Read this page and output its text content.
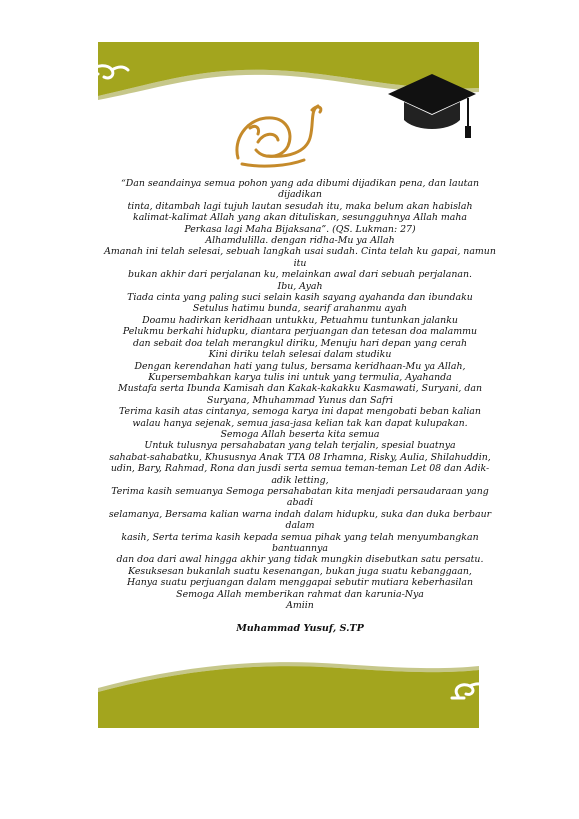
“Dan seandainya semua pohon yang ada dibumi dijadikan pena, dan lautan dijadikan

tinta, ditambah lagi tujuh lautan sesudah itu, maka belum akan habislah

kalimat-kalimat Allah yang akan dituliskan, sesungguhnya Allah maha

Perkasa lagi Maha Bijaksana”. (QS. Lukman: 27)

Alhamdulilla. dengan ridha-Mu ya Allah

Amanah ini telah selesai, sebuah langkah usai sudah. Cinta telah ku gapai, namun itu

bukan akhir dari perjalanan ku, melainkan awal dari sebuah perjalanan.

Ibu, Ayah

Tiada cinta yang paling suci selain kasih sayang ayahanda dan ibundaku

Setulus hatimu bunda, searif arahanmu ayah

Doamu hadirkan keridhaan untukku, Petuahmu tuntunkan jalanku

Pelukmu berkahi hidupku, diantara perjuangan dan tetesan doa malammu

dan sebait doa telah merangkul diriku, Menuju hari depan yang cerah

Kini diriku telah selesai dalam studiku

Dengan kerendahan hati yang tulus, bersama keridhaan-Mu ya Allah,

Kupersembahkan karya tulis ini untuk yang termulia, Ayahanda

Mustafa serta Ibunda Kamisah dan Kakak-kakakku Kasmawati, Suryani, dan

Suryana, Mhuhammad Yunus dan Safri

Terima kasih atas cintanya, semoga karya ini dapat mengobati beban kalian

walau hanya sejenak, semua jasa-jasa kelian tak kan dapat kulupakan.

Semoga Allah beserta kita semua

Untuk tulusnya persahabatan yang telah terjalin, spesial buatnya

sahabat-sahabatku, Khususnya Anak TTA 08 Irhamna, Risky, Aulia, Shilahuddin,

udin, Bary, Rahmad, Rona dan jusdi serta semua teman-teman Let 08 dan Adik-adik letting,

Terima kasih semuanya Semoga persahabatan kita menjadi persaudaraan yang abadi

selamanya, Bersama kalian warna indah dalam hidupku, suka dan duka berbaur dalam

kasih, Serta terima kasih kepada semua pihak yang telah menyumbangkan bantuannya

dan doa dari awal hingga akhir yang tidak mungkin disebutkan satu persatu.

Kesuksesan bukanlah suatu kesenangan, bukan juga suatu kebanggaan,

Hanya suatu perjuangan dalam menggapai sebutir mutiara keberhasilan

Semoga Allah memberikan rahmat dan karunia-Nya

Amiin

Muhammad Yusuf, S.TP
